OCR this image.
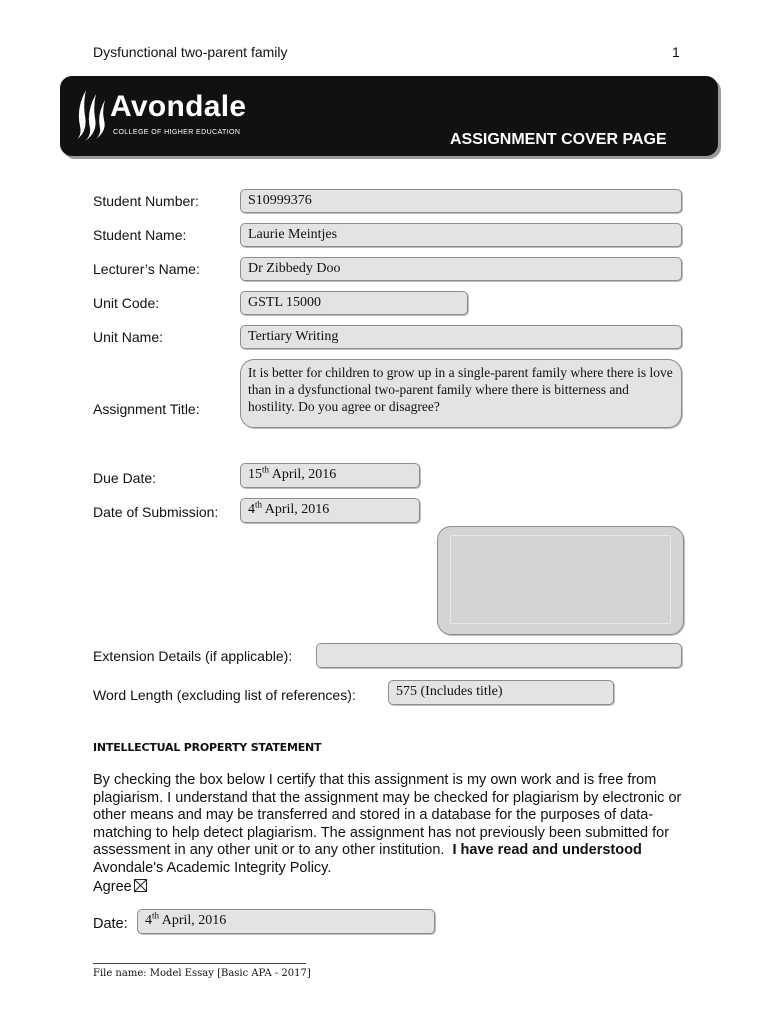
Dysfunctional two-parent family	1
Avondale
COLLEGE OF HIGHER EDUCATION	ASSIGNMENT COVER PAGE
Student Number:	S10999376
Student Name:	Laurie Meintjes
Lecturer’s Name:	Dr Zibbedy Doo
Unit Code:	GSTL 15000
Unit Name:	Tertiary Writing
Assignment Title:
It is better for children to grow up in a single-parent family where there is love than in a dysfunctional two-parent family where there is bitterness and hostility. Do you agree or disagree?
Due Date:	15th April, 2016
Date of Submission:	4th April, 2016
Extension Details (if applicable):
Word Length (excluding list of references):	575 (Includes title)
INTELLECTUAL PROPERTY STATEMENT
By checking the box below I certify that this assignment is my own work and is free from plagiarism. I understand that the assignment may be checked for plagiarism by electronic or other means and may be transferred and stored in a database for the purposes of data-matching to help detect plagiarism. The assignment has not previously been submitted for assessment in any other unit or to any other institution. I have read and understood Avondale's Academic Integrity Policy.
Agree
Date:	4th April, 2016
File name: Model Essay [Basic APA - 2017]
